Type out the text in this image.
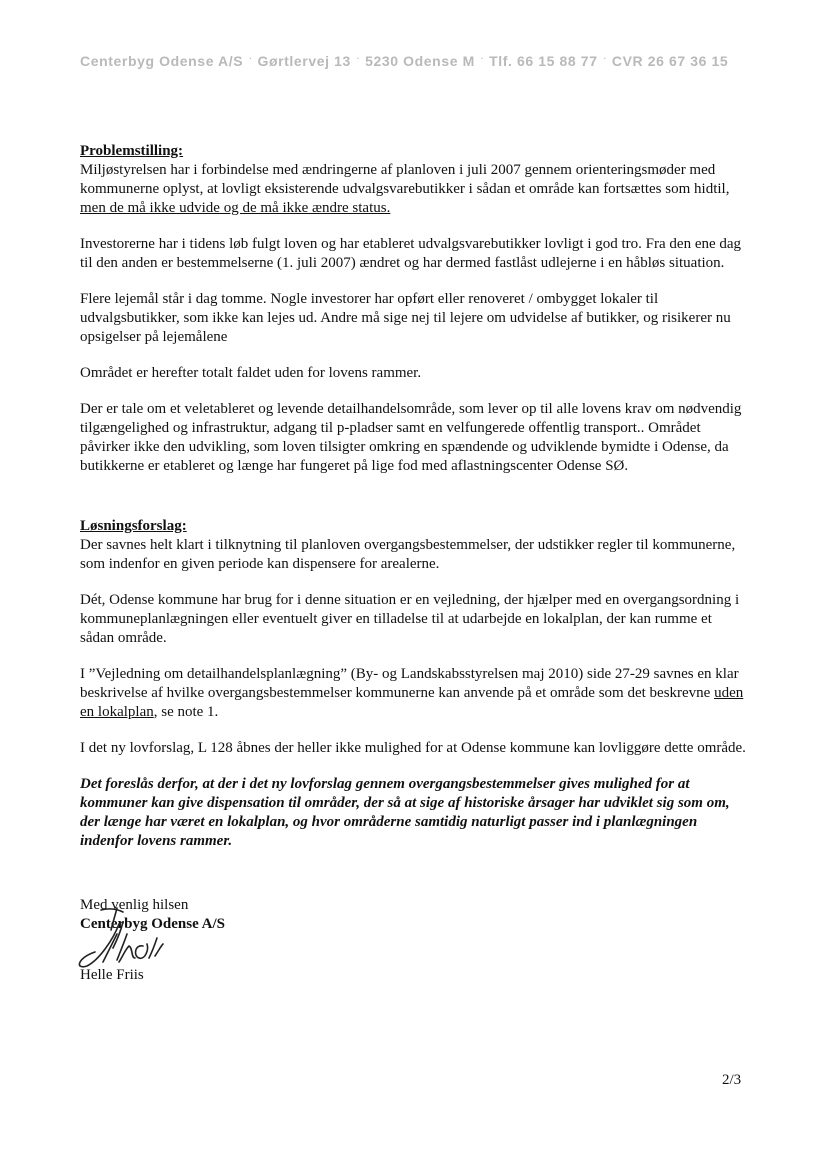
Centerbyg Odense A/S · Gørtlervej 13 · 5230 Odense M · Tlf. 66 15 88 77 · CVR 26 67 36 15
Problemstilling:

Miljøstyrelsen har i forbindelse med ændringerne af planloven i juli 2007 gennem orienteringsmøder med kommunerne oplyst, at lovligt eksisterende udvalgsvarebutikker i sådan et område kan fortsættes som hidtil, men de må ikke udvide og de må ikke ændre status.

Investorerne har i tidens løb fulgt loven og har etableret udvalgsvarebutikker lovligt i god tro. Fra den ene dag til den anden er bestemmelserne (1. juli 2007) ændret og har dermed fastlåst udlejerne i en håbløs situation.

Flere lejemål står i dag tomme. Nogle investorer har opført eller renoveret / ombygget lokaler til udvalgsbutikker, som ikke kan lejes ud. Andre må sige nej til lejere om udvidelse af butikker, og risikerer nu opsigelser på lejemålene

Området er herefter totalt faldet uden for lovens rammer.

Der er tale om et veletableret og levende detailhandelsområde, som lever op til alle lovens krav om nødvendig tilgængelighed og infrastruktur, adgang til p-pladser samt en velfungerede offentlig transport.. Området påvirker ikke den udvikling, som loven tilsigter omkring en spændende og udviklende bymidte i Odense, da butikkerne er etableret og længe har fungeret på lige fod med aflastningscenter Odense SØ.

Løsningsforslag:

Der savnes helt klart i tilknytning til planloven overgangsbestemmelser, der udstikker regler til kommunerne, som indenfor en given periode kan dispensere for arealerne.

Dét, Odense kommune har brug for i denne situation er en vejledning, der hjælper med en overgangsordning i kommuneplanlægningen eller eventuelt giver en tilladelse til at udarbejde en lokalplan, der kan rumme et sådan område.

I ”Vejledning om detailhandelsplanlægning” (By- og Landskabsstyrelsen maj 2010) side 27-29 savnes en klar beskrivelse af hvilke overgangsbestemmelser kommunerne kan anvende på et område som det beskrevne uden en lokalplan, se note 1.

I det ny lovforslag, L 128 åbnes der heller ikke mulighed for at Odense kommune kan lovliggøre dette område.

Det foreslås derfor, at der i det ny lovforslag gennem overgangsbestemmelser gives mulighed for at kommuner kan give dispensation til områder, der så at sige af historiske årsager har udviklet sig som om, der længe har været en lokalplan, og hvor områderne samtidig naturligt passer ind i planlægningen indenfor lovens rammer.

Med venlig hilsen
Centerbyg Odense A/S
Helle Friis
2/3
